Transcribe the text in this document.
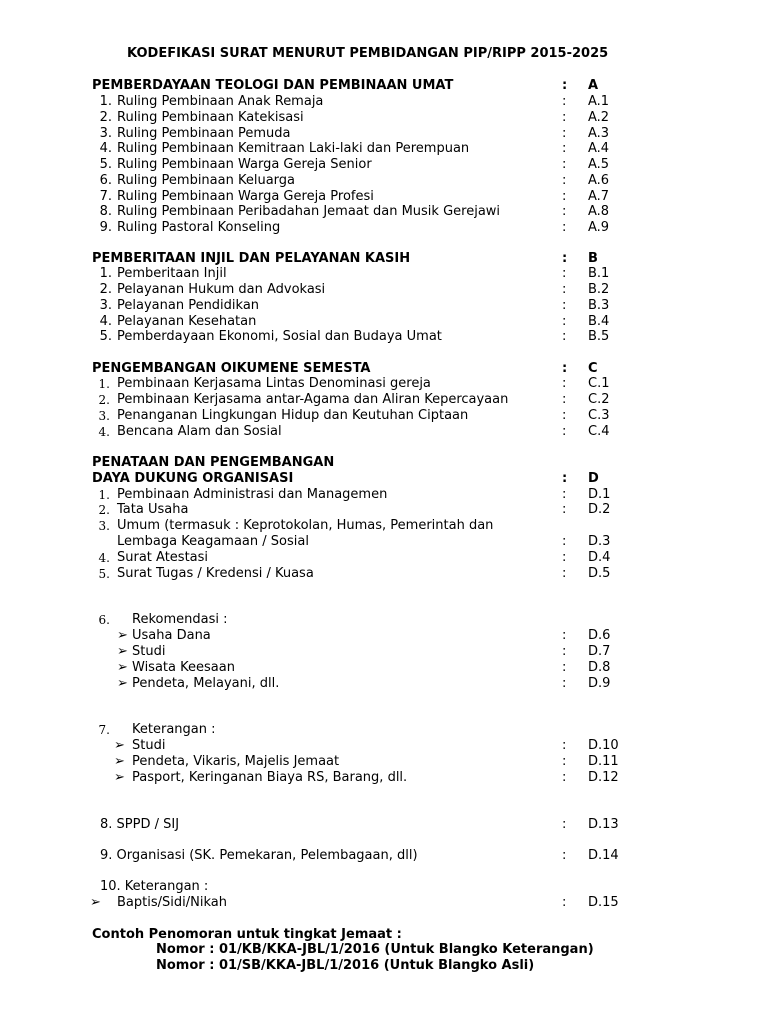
KODEFIKASI SURAT MENURUT PEMBIDANGAN PIP/RIPP 2015-2025
PEMBERDAYAAN TEOLOGI DAN PEMBINAAN UMAT	: A
1. Ruling Pembinaan Anak Remaja	: A.1
2. Ruling Pembinaan Katekisasi	: A.2
3. Ruling Pembinaan Pemuda	: A.3
4. Ruling Pembinaan Kemitraan Laki-laki dan Perempuan	: A.4
5. Ruling Pembinaan Warga Gereja Senior	: A.5
6. Ruling Pembinaan Keluarga	: A.6
7. Ruling Pembinaan Warga Gereja Profesi	: A.7
8. Ruling Pembinaan Peribadahan Jemaat dan Musik Gerejawi	: A.8
9. Ruling Pastoral Konseling	: A.9
PEMBERITAAN INJIL DAN PELAYANAN KASIH	: B
1. Pemberitaan Injil	: B.1
2. Pelayanan Hukum dan Advokasi	: B.2
3. Pelayanan Pendidikan	: B.3
4. Pelayanan Kesehatan	: B.4
5. Pemberdayaan Ekonomi, Sosial dan Budaya Umat	: B.5
PENGEMBANGAN OIKUMENE SEMESTA	: C
1. Pembinaan Kerjasama Lintas Denominasi gereja	: C.1
2. Pembinaan Kerjasama antar-Agama dan Aliran Kepercayaan	: C.2
3. Penanganan Lingkungan Hidup dan Keutuhan Ciptaan	: C.3
4. Bencana Alam dan Sosial	: C.4
PENATAAN DAN PENGEMBANGAN
DAYA DUKUNG ORGANISASI	: D
1. Pembinaan Administrasi dan Managemen	: D.1
2. Tata Usaha	: D.2
3. Umum (termasuk : Keprotokolan, Humas, Pemerintah dan
Lembaga Keagamaan / Sosial	: D.3
4. Surat Atestasi	: D.4
5. Surat Tugas / Kredensi / Kuasa	: D.5
6. Rekomendasi :
➢ Usaha Dana	: D.6
➢ Studi	: D.7
➢ Wisata Keesaan	: D.8
➢ Pendeta, Melayani, dll.	: D.9
7. Keterangan :
➢ Studi	: D.10
➢ Pendeta, Vikaris, Majelis Jemaat	: D.11
➢ Pasport, Keringanan Biaya RS, Barang, dll.	: D.12
8. SPPD / SIJ	: D.13
9. Organisasi (SK. Pemekaran, Pelembagaan, dll)	: D.14
10. Keterangan :
➢ Baptis/Sidi/Nikah	: D.15
Contoh Penomoran untuk tingkat Jemaat :
Nomor : 01/KB/KKA-JBL/1/2016 (Untuk Blangko Keterangan)
Nomor : 01/SB/KKA-JBL/1/2016 (Untuk Blangko Asli)
